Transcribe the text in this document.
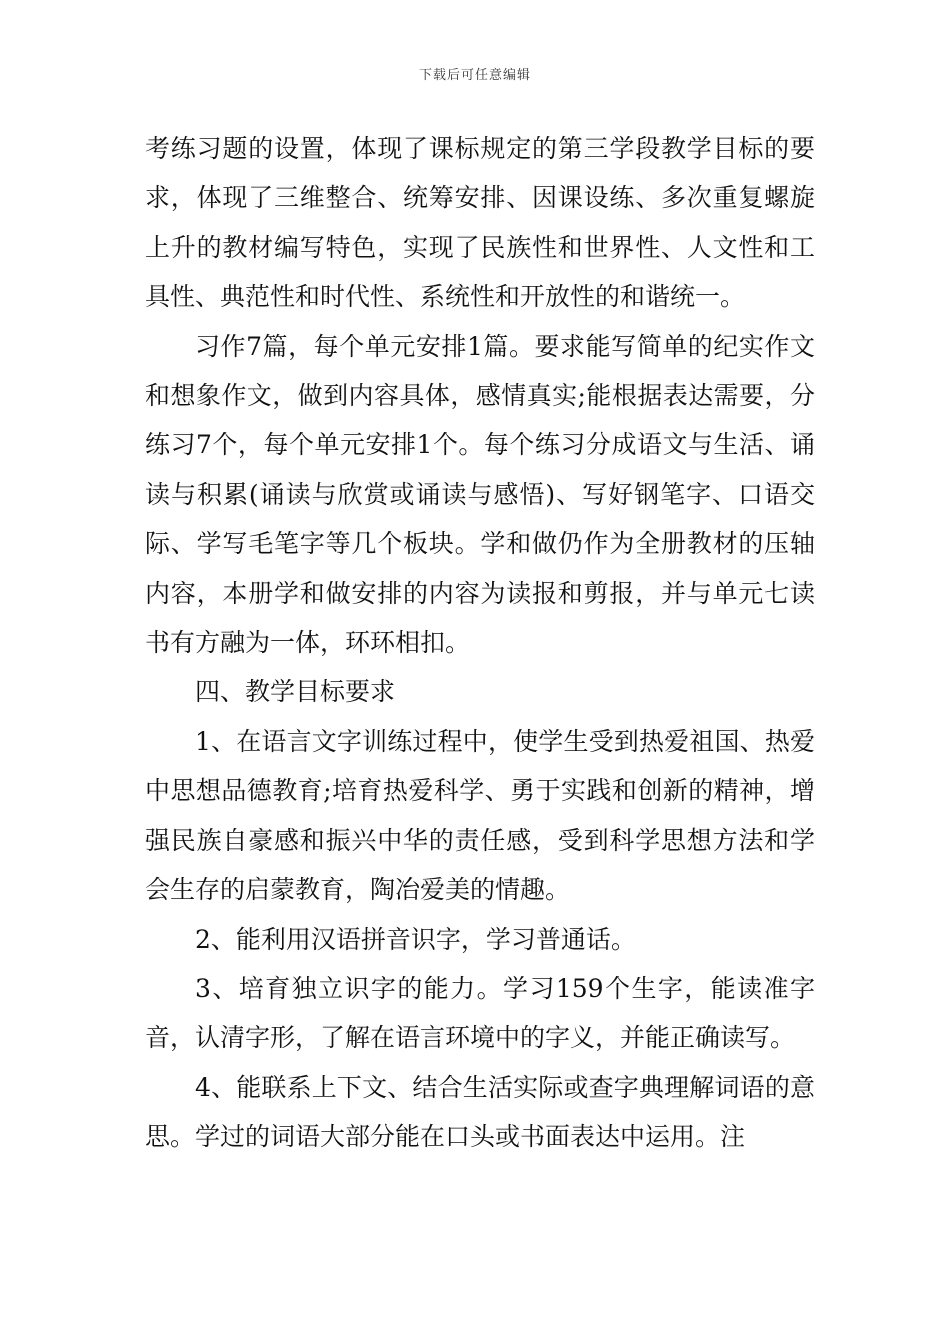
下载后可任意编辑

考练习题的设置，体现了课标规定的第三学段教学目标的要求，体现了三维整合、统筹安排、因课设练、多次重复螺旋上升的教材编写特色，实现了民族性和世界性、人文性和工具性、典范性和时代性、系统性和开放性的和谐统一。

习作7篇，每个单元安排1篇。要求能写简单的纪实作文和想象作文，做到内容具体，感情真实;能根据表达需要，分练习7个，每个单元安排1个。每个练习分成语文与生活、诵读与积累(诵读与欣赏或诵读与感悟)、写好钢笔字、口语交际、学写毛笔字等几个板块。学和做仍作为全册教材的压轴内容，本册学和做安排的内容为读报和剪报，并与单元七读书有方融为一体，环环相扣。

四、教学目标要求

1、在语言文字训练过程中，使学生受到热爱祖国、热爱中思想品德教育;培育热爱科学、勇于实践和创新的精神，增强民族自豪感和振兴中华的责任感，受到科学思想方法和学会生存的启蒙教育，陶冶爱美的情趣。

2、能利用汉语拼音识字，学习普通话。

3、培育独立识字的能力。学习159个生字，能读准字音，认清字形，了解在语言环境中的字义，并能正确读写。

4、能联系上下文、结合生活实际或查字典理解词语的意思。学过的词语大部分能在口头或书面表达中运用。注
